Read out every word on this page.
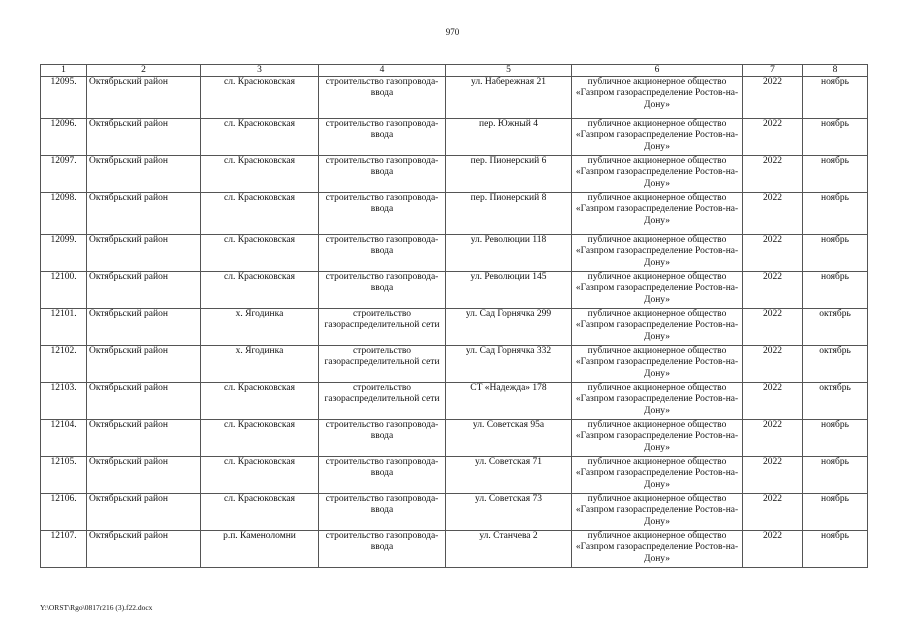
970
1	2	3	4	5	6	7	8
12095.	Октябрьский район	сл. Красюковская	строительство газопровода-ввода	ул. Набережная 21	публичное акционерное общество «Газпром газораспределение Ростов-на-Дону»	2022	ноябрь
12096.	Октябрьский район	сл. Красюковская	строительство газопровода-ввода	пер. Южный 4	публичное акционерное общество «Газпром газораспределение Ростов-на-Дону»	2022	ноябрь
12097.	Октябрьский район	сл. Красюковская	строительство газопровода-ввода	пер. Пионерский 6	публичное акционерное общество «Газпром газораспределение Ростов-на-Дону»	2022	ноябрь
12098.	Октябрьский район	сл. Красюковская	строительство газопровода-ввода	пер. Пионерский 8	публичное акционерное общество «Газпром газораспределение Ростов-на-Дону»	2022	ноябрь
12099.	Октябрьский район	сл. Красюковская	строительство газопровода-ввода	ул. Революции 118	публичное акционерное общество «Газпром газораспределение Ростов-на-Дону»	2022	ноябрь
12100.	Октябрьский район	сл. Красюковская	строительство газопровода-ввода	ул. Революции 145	публичное акционерное общество «Газпром газораспределение Ростов-на-Дону»	2022	ноябрь
12101.	Октябрьский район	х. Ягодинка	строительство газораспределительной сети	ул. Сад Горнячка 299	публичное акционерное общество «Газпром газораспределение Ростов-на-Дону»	2022	октябрь
12102.	Октябрьский район	х. Ягодинка	строительство газораспределительной сети	ул. Сад Горнячка 332	публичное акционерное общество «Газпром газораспределение Ростов-на-Дону»	2022	октябрь
12103.	Октябрьский район	сл. Красюковская	строительство газораспределительной сети	СТ «Надежда» 178	публичное акционерное общество «Газпром газораспределение Ростов-на-Дону»	2022	октябрь
12104.	Октябрьский район	сл. Красюковская	строительство газопровода-ввода	ул. Советская 95а	публичное акционерное общество «Газпром газораспределение Ростов-на-Дону»	2022	ноябрь
12105.	Октябрьский район	сл. Красюковская	строительство газопровода-ввода	ул. Советская 71	публичное акционерное общество «Газпром газораспределение Ростов-на-Дону»	2022	ноябрь
12106.	Октябрьский район	сл. Красюковская	строительство газопровода-ввода	ул. Советская 73	публичное акционерное общество «Газпром газораспределение Ростов-на-Дону»	2022	ноябрь
12107.	Октябрьский район	р.п. Каменоломни	строительство газопровода-ввода	ул. Станчева 2	публичное акционерное общество «Газпром газораспределение Ростов-на-Дону»	2022	ноябрь
Y:\ORST\Rgo\0817r216 (3).f22.docx
